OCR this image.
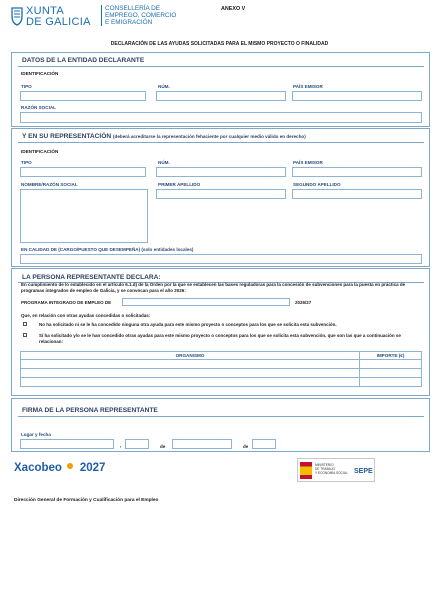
XUNTA
DE GALICIA
CONSELLERÍA DE
EMPREGO, COMERCIO
E EMIGRACIÓN
ANEXO V
DECLARACIÓN DE LAS AYUDAS SOLICITADAS PARA EL MISMO PROYECTO O FINALIDAD
DATOS DE LA ENTIDAD DECLARANTE
IDENTIFICACIÓN
TIPO	NÚM.	PAÍS EMISOR
RAZÓN SOCIAL
Y EN SU REPRESENTACIÓN (deberá acreditarse la representación fehaciente por cualquier medio válido en derecho)
IDENTIFICACIÓN
TIPO	NÚM.	PAÍS EMISOR
NOMBRE/RAZÓN SOCIAL	PRIMER APELLIDO	SEGUNDO APELLIDO
EN CALIDAD DE (CARGO/PUESTO QUE DESEMPEÑA) (solo entidades locales)
LA PERSONA REPRESENTANTE DECLARA:
En cumplimiento de lo establecido en el artículo 6.1.d) de la Orden por la que se establecen las bases reguladoras para la concesión de subvenciones para la puesta en práctica de programas integrados de empleo de Galicia, y se convocan para el año 2026:
PROGRAMA INTEGRADO DE EMPLEO DE	2026/27
Que, en relación con otras ayudas concedidas o solicitadas:
No ha solicitado ni se le ha concedido ninguna otra ayuda para este mismo proyecto o conceptos para los que se solicita esta subvención.
Sí ha solicitado y/o se le han concedido otras ayudas para este mismo proyecto o conceptos para los que se solicita esta subvención, que son las que a continuación se relacionan:
ORGANISMO	IMPORTE (€)

FIRMA DE LA PERSONA REPRESENTANTE
Lugar y fecha
,	de	de
Xacobeo 2027	MINISTERIO
DE TRABAJO
Y ECONOMÍA SOCIAL SEPE
Dirección General de Formación y Cualificación para el Empleo
